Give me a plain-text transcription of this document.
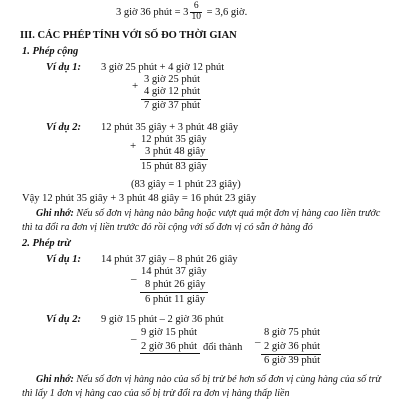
3 giờ 36 phút = $3 \frac{6}{10} = 3,6$ giờ.
III. CÁC PHÉP TÍNH VỚI SỐ ĐO THỜI GIAN
1. Phép cộng
Ví dụ 1: 3 giờ 25 phút + 4 giờ 12 phút
3 giờ 25 phút
+ 4 giờ 12 phút
7 giờ 37 phút
Ví dụ 2: 12 phút 35 giây + 3 phút 48 giây
12 phút 35 giây
+ 3 phút 48 giây
15 phút 83 giây
(83 giây = 1 phút 23 giây)
Vậy 12 phút 35 giây + 3 phút 48 giây = 16 phút 23 giây
Ghi nhớ: Nếu số đơn vị hàng nào bằng hoặc vượt quá một đơn vị hàng cao liền trước thì ta đổi ra đơn vị liền trước đó rồi cộng với số đơn vị có sẵn ở hàng đó
2. Phép trừ
Ví dụ 1: 14 phút 37 giây – 8 phút 26 giây
14 phút 37 giây
– 8 phút 26 giây
6 phút 11 giây
Ví dụ 2: 9 giờ 15 phút – 2 giờ 36 phút
9 giờ 15 phút
–
2 giờ 36 phút đổi thành
8 giờ 75 phút
– 2 giờ 36 phút
6 giờ 39 phút
Ghi nhớ: Nếu số đơn vị hàng nào của số bị trừ bé hơn số đơn vị cùng hàng của số trừ thì lấy 1 đơn vị hàng cao của số bị trừ đổi ra đơn vị hàng thấp liền
